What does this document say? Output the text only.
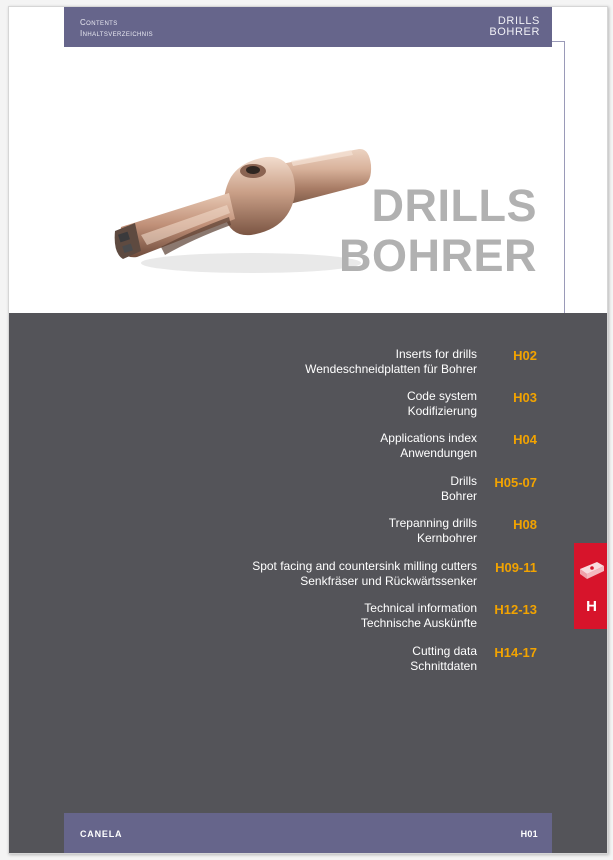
Contents
Inhaltsverzeichnis
DRILLS
BOHRER
DRILLS
BOHRER
Inserts for drills
Wendeschneidplatten für Bohrer
H02
Code system
Kodifizierung
H03
Applications index
Anwendungen
H04
Drills
Bohrer
H05-07
Trepanning drills
Kernbohrer
H08
Spot facing and countersink milling cutters
Senkfräser und Rückwärtssenker
H09-11
Technical information
Technische Auskünfte
H12-13
Cutting data
Schnittdaten
H14-17
H
CANELA	H01
